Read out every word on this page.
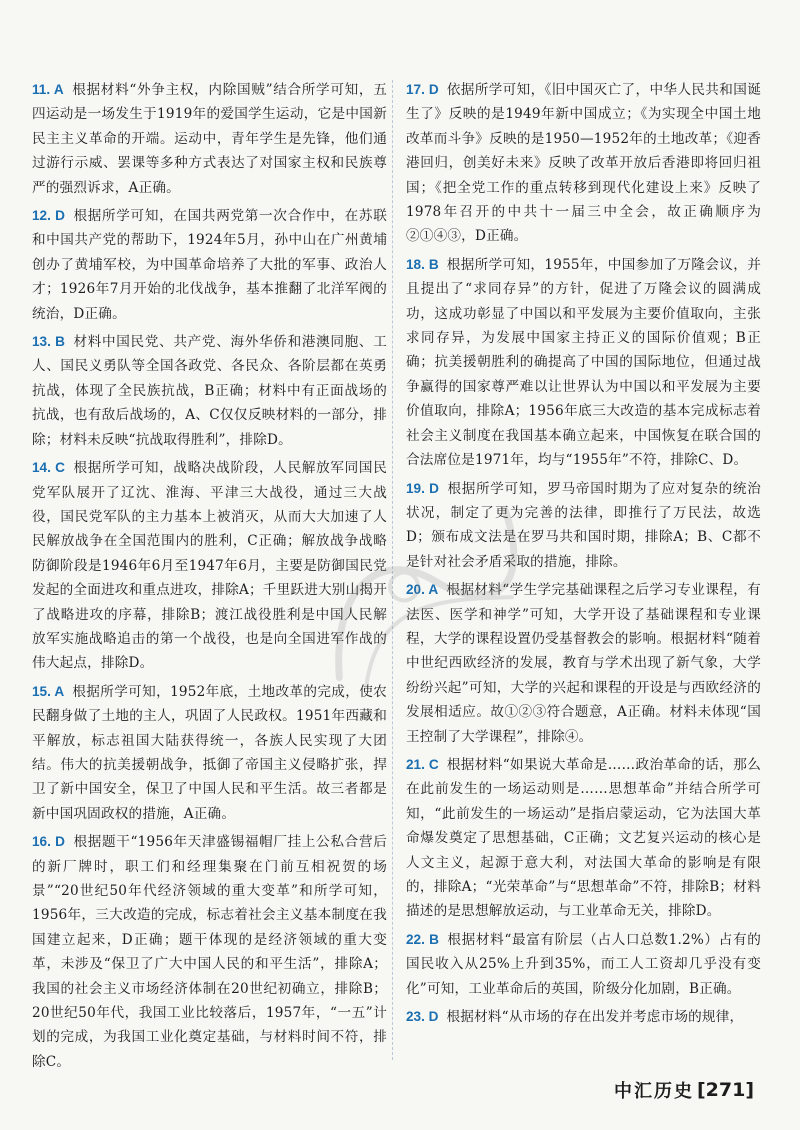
11. A 根据材料“外争主权，内除国贼”结合所学可知，五四运动是一场发生于1919年的爱国学生运动，它是中国新民主主义革命的开端。运动中，青年学生是先锋，他们通过游行示威、罢课等多种方式表达了对国家主权和民族尊严的强烈诉求，A正确。
12. D 根据所学可知，在国共两党第一次合作中，在苏联和中国共产党的帮助下，1924年5月，孙中山在广州黄埔创办了黄埔军校，为中国革命培养了大批的军事、政治人才；1926年7月开始的北伐战争，基本推翻了北洋军阀的统治，D正确。
13. B 材料中国民党、共产党、海外华侨和港澳同胞、工人、国民义勇队等全国各政党、各民众、各阶层都在英勇抗战，体现了全民族抗战，B正确；材料中有正面战场的抗战，也有敌后战场的，A、C仅仅反映材料的一部分，排除；材料未反映“抗战取得胜利”，排除D。
14. C 根据所学可知，战略决战阶段，人民解放军同国民党军队展开了辽沈、淮海、平津三大战役，通过三大战役，国民党军队的主力基本上被消灭，从而大大加速了人民解放战争在全国范围内的胜利，C正确；解放战争战略防御阶段是1946年6月至1947年6月，主要是防御国民党发起的全面进攻和重点进攻，排除A；千里跃进大别山揭开了战略进攻的序幕，排除B；渡江战役胜利是中国人民解放军实施战略追击的第一个战役，也是向全国进军作战的伟大起点，排除D。
15. A 根据所学可知，1952年底，土地改革的完成，使农民翻身做了土地的主人，巩固了人民政权。1951年西藏和平解放，标志祖国大陆获得统一，各族人民实现了大团结。伟大的抗美援朝战争，抵御了帝国主义侵略扩张，捍卫了新中国安全，保卫了中国人民和平生活。故三者都是新中国巩固政权的措施，A正确。
16. D 根据题干“1956年天津盛锡福帽厂挂上公私合营后的新厂牌时，职工们和经理集聚在门前互相祝贺的场景”“20世纪50年代经济领域的重大变革”和所学可知，1956年，三大改造的完成，标志着社会主义基本制度在我国建立起来，D正确；题干体现的是经济领域的重大变革，未涉及“保卫了广大中国人民的和平生活”，排除A；我国的社会主义市场经济体制在20世纪初确立，排除B；20世纪50年代，我国工业比较落后，1957年，“一五”计划的完成，为我国工业化奠定基础，与材料时间不符，排除C。
17. D 依据所学可知，《旧中国灭亡了，中华人民共和国诞生了》反映的是1949年新中国成立；《为实现全中国土地改革而斗争》反映的是1950—1952年的土地改革；《迎香港回归，创美好未来》反映了改革开放后香港即将回归祖国；《把全党工作的重点转移到现代化建设上来》反映了1978年召开的中共十一届三中全会，故正确顺序为②①④③，D正确。
18. B 根据所学可知，1955年，中国参加了万隆会议，并且提出了“求同存异”的方针，促进了万隆会议的圆满成功，这成功彰显了中国以和平发展为主要价值取向，主张求同存异，为发展中国家主持正义的国际价值观；B正确；抗美援朝胜利的确提高了中国的国际地位，但通过战争赢得的国家尊严难以让世界认为中国以和平发展为主要价值取向，排除A；1956年底三大改造的基本完成标志着社会主义制度在我国基本确立起来，中国恢复在联合国的合法席位是1971年，均与“1955年”不符，排除C、D。
19. D 根据所学可知，罗马帝国时期为了应对复杂的统治状况，制定了更为完善的法律，即推行了万民法，故选D；颁布成文法是在罗马共和国时期，排除A；B、C都不是针对社会矛盾采取的措施，排除。
20. A 根据材料“学生学完基础课程之后学习专业课程，有法医、医学和神学”可知，大学开设了基础课程和专业课程，大学的课程设置仍受基督教会的影响。根据材料“随着中世纪西欧经济的发展，教育与学术出现了新气象，大学纷纷兴起”可知，大学的兴起和课程的开设是与西欧经济的发展相适应。故①②③符合题意，A正确。材料未体现“国王控制了大学课程”，排除④。
21. C 根据材料“如果说大革命是……政治革命的话，那么在此前发生的一场运动则是……思想革命”并结合所学可知，“此前发生的一场运动”是指启蒙运动，它为法国大革命爆发奠定了思想基础，C正确；文艺复兴运动的核心是人文主义，起源于意大利，对法国大革命的影响是有限的，排除A；“光荣革命”与“思想革命”不符，排除B；材料描述的是思想解放运动，与工业革命无关，排除D。
22. B 根据材料“最富有阶层（占人口总数1.2%）占有的国民收入从25%上升到35%，而工人工资却几乎没有变化”可知，工业革命后的英国，阶级分化加剧，B正确。
23. D 根据材料“从市场的存在出发并考虑市场的规律，
中汇历史 [271]
